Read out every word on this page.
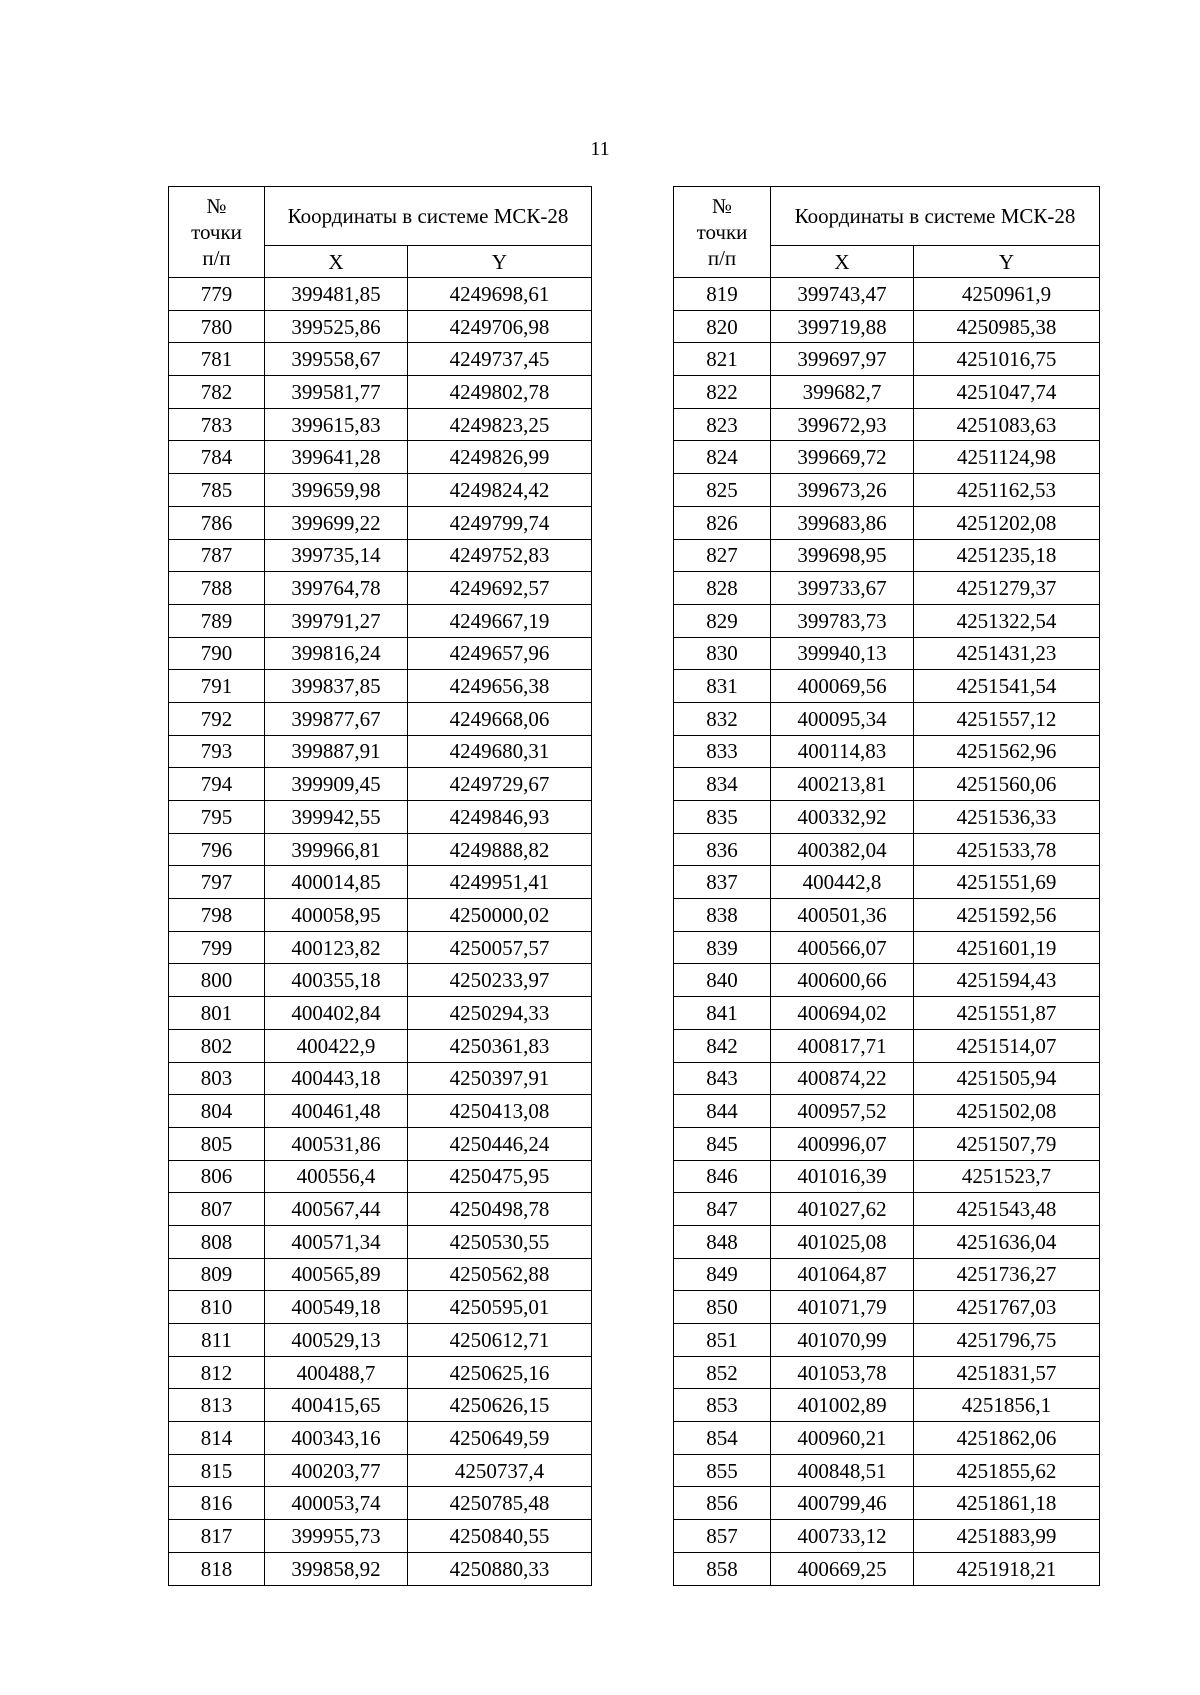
11
№
точки
п/п	Координаты в системе МСК-28	
	X	Y
779	399481,85	4249698,61
780	399525,86	4249706,98
781	399558,67	4249737,45
782	399581,77	4249802,78
783	399615,83	4249823,25
784	399641,28	4249826,99
785	399659,98	4249824,42
786	399699,22	4249799,74
787	399735,14	4249752,83
788	399764,78	4249692,57
789	399791,27	4249667,19
790	399816,24	4249657,96
791	399837,85	4249656,38
792	399877,67	4249668,06
793	399887,91	4249680,31
794	399909,45	4249729,67
795	399942,55	4249846,93
796	399966,81	4249888,82
797	400014,85	4249951,41
798	400058,95	4250000,02
799	400123,82	4250057,57
800	400355,18	4250233,97
801	400402,84	4250294,33
802	400422,9	4250361,83
803	400443,18	4250397,91
804	400461,48	4250413,08
805	400531,86	4250446,24
806	400556,4	4250475,95
807	400567,44	4250498,78
808	400571,34	4250530,55
809	400565,89	4250562,88
810	400549,18	4250595,01
811	400529,13	4250612,71
812	400488,7	4250625,16
813	400415,65	4250626,15
814	400343,16	4250649,59
815	400203,77	4250737,4
816	400053,74	4250785,48
817	399955,73	4250840,55
818	399858,92	4250880,33
№
точки
п/п	Координаты в системе МСК-28	
	X	Y
819	399743,47	4250961,9
820	399719,88	4250985,38
821	399697,97	4251016,75
822	399682,7	4251047,74
823	399672,93	4251083,63
824	399669,72	4251124,98
825	399673,26	4251162,53
826	399683,86	4251202,08
827	399698,95	4251235,18
828	399733,67	4251279,37
829	399783,73	4251322,54
830	399940,13	4251431,23
831	400069,56	4251541,54
832	400095,34	4251557,12
833	400114,83	4251562,96
834	400213,81	4251560,06
835	400332,92	4251536,33
836	400382,04	4251533,78
837	400442,8	4251551,69
838	400501,36	4251592,56
839	400566,07	4251601,19
840	400600,66	4251594,43
841	400694,02	4251551,87
842	400817,71	4251514,07
843	400874,22	4251505,94
844	400957,52	4251502,08
845	400996,07	4251507,79
846	401016,39	4251523,7
847	401027,62	4251543,48
848	401025,08	4251636,04
849	401064,87	4251736,27
850	401071,79	4251767,03
851	401070,99	4251796,75
852	401053,78	4251831,57
853	401002,89	4251856,1
854	400960,21	4251862,06
855	400848,51	4251855,62
856	400799,46	4251861,18
857	400733,12	4251883,99
858	400669,25	4251918,21
